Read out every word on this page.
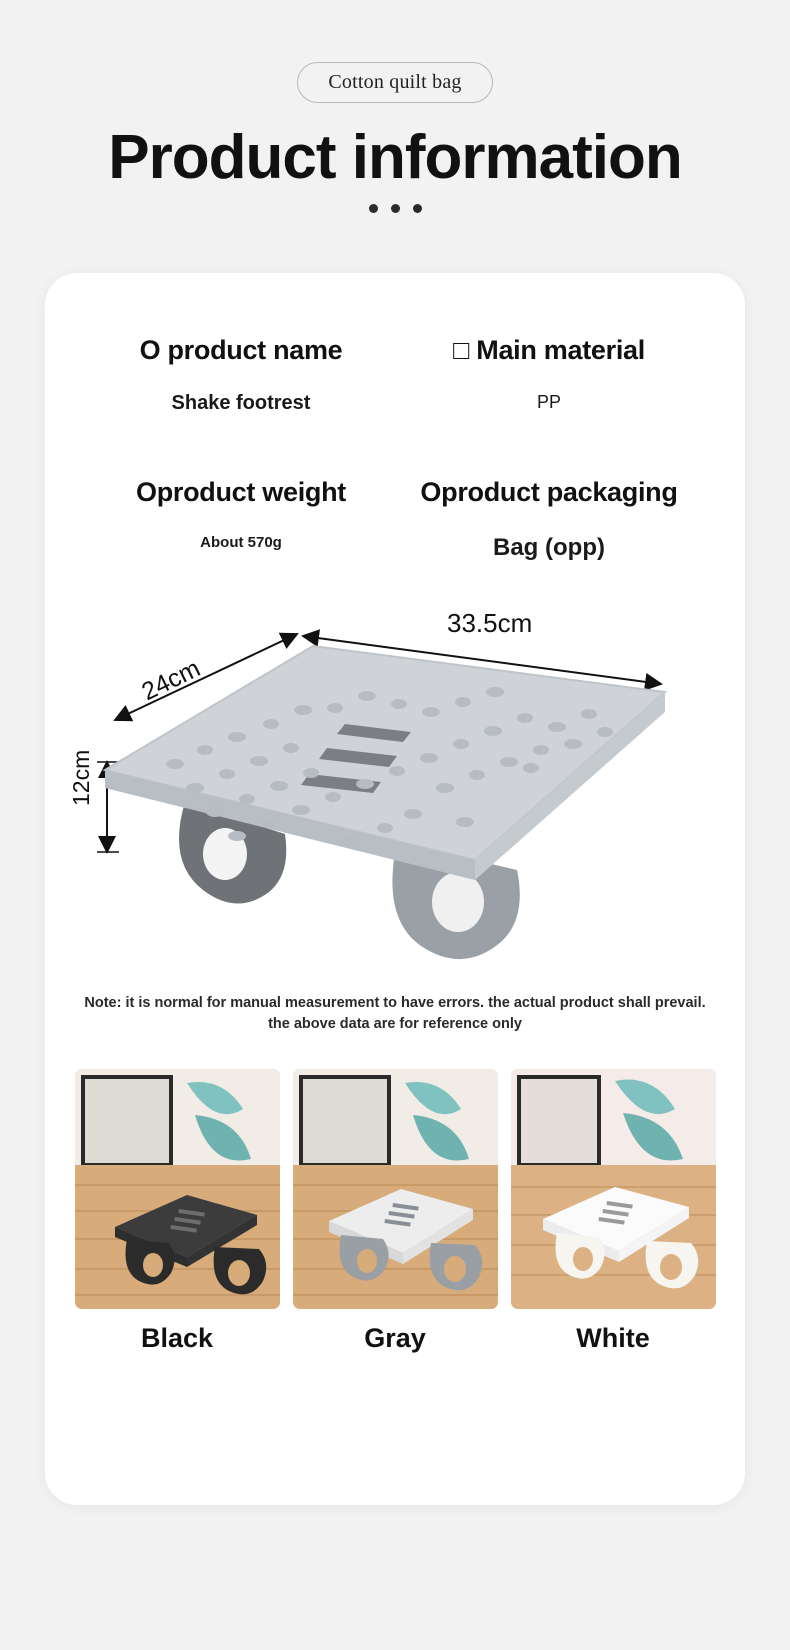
Cotton quilt bag
Product information
O product name
Shake footrest
□ Main material
PP
Oproduct weight
About 570g
Oproduct packaging
Bag (opp)
33.5cm
24cm
12cm
Note: it is normal for manual measurement to have errors. the actual product shall prevail. the above data are for reference only
Black	Gray	White
